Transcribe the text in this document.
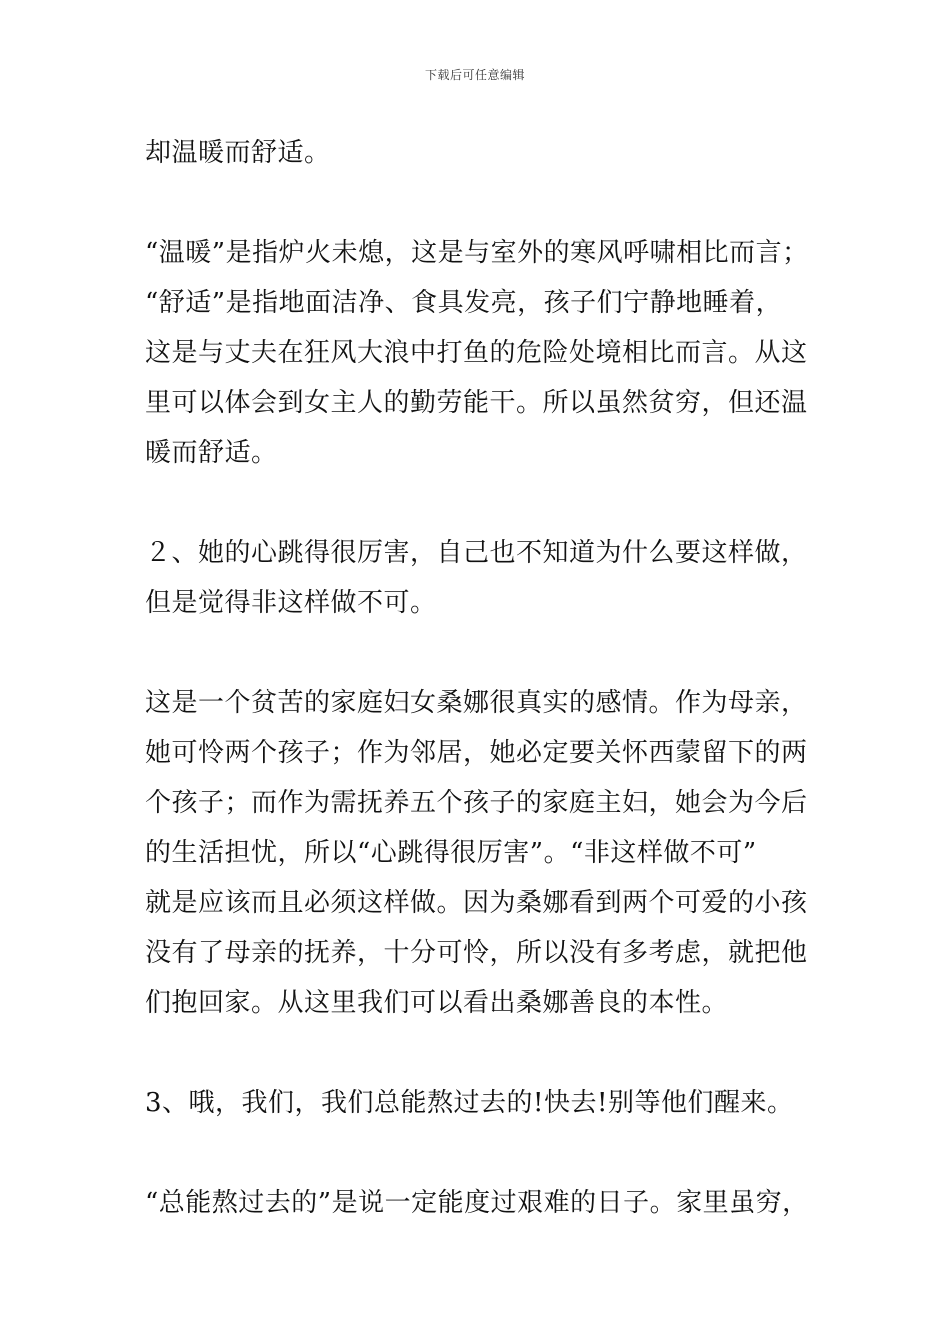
下载后可任意编辑
却温暖而舒适。
“温暖”是指炉火未熄，这是与室外的寒风呼啸相比而言；
“舒适”是指地面洁净、食具发亮，孩子们宁静地睡着，
这是与丈夫在狂风大浪中打鱼的危险处境相比而言。从这
里可以体会到女主人的勤劳能干。所以虽然贫穷，但还温
暖而舒适。
２、她的心跳得很厉害，自己也不知道为什么要这样做，
但是觉得非这样做不可。
这是一个贫苦的家庭妇女桑娜很真实的感情。作为母亲，
她可怜两个孩子；作为邻居，她必定要关怀西蒙留下的两
个孩子；而作为需抚养五个孩子的家庭主妇，她会为今后
的生活担忧，所以“心跳得很厉害”。“非这样做不可”
就是应该而且必须这样做。因为桑娜看到两个可爱的小孩
没有了母亲的抚养，十分可怜，所以没有多考虑，就把他
们抱回家。从这里我们可以看出桑娜善良的本性。
3、哦，我们，我们总能熬过去的!快去!别等他们醒来。
“总能熬过去的”是说一定能度过艰难的日子。家里虽穷，
